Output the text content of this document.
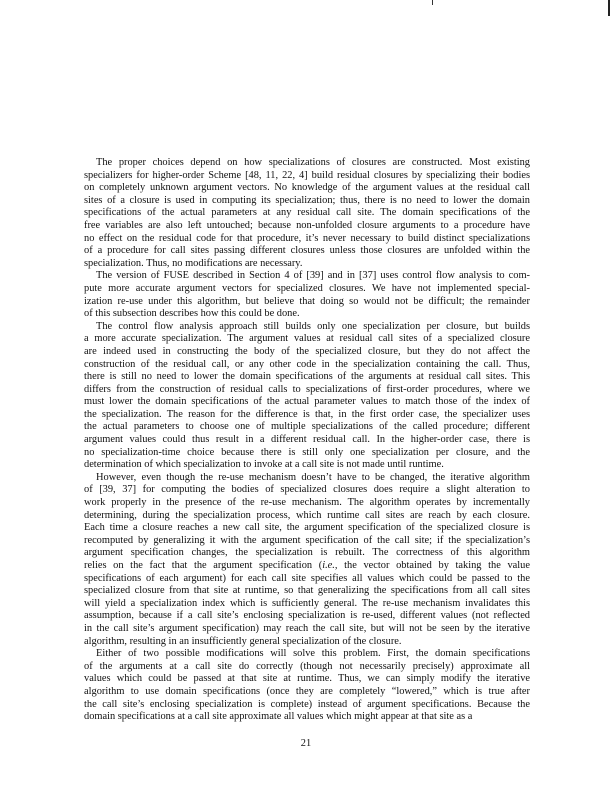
The proper choices depend on how specializations of closures are constructed. Most existing
specializers for higher-order Scheme [48, 11, 22, 4] build residual closures by specializing their bodies
on completely unknown argument vectors. No knowledge of the argument values at the residual call
sites of a closure is used in computing its specialization; thus, there is no need to lower the domain
specifications of the actual parameters at any residual call site. The domain specifications of the
free variables are also left untouched; because non-unfolded closure arguments to a procedure have
no effect on the residual code for that procedure, it’s never necessary to build distinct specializations
of a procedure for call sites passing different closures unless those closures are unfolded within the
specialization. Thus, no modifications are necessary.
The version of FUSE described in Section 4 of [39] and in [37] uses control flow analysis to com-
pute more accurate argument vectors for specialized closures. We have not implemented special-
ization re-use under this algorithm, but believe that doing so would not be difficult; the remainder
of this subsection describes how this could be done.
The control flow analysis approach still builds only one specialization per closure, but builds
a more accurate specialization. The argument values at residual call sites of a specialized closure
are indeed used in constructing the body of the specialized closure, but they do not affect the
construction of the residual call, or any other code in the specialization containing the call. Thus,
there is still no need to lower the domain specifications of the arguments at residual call sites. This
differs from the construction of residual calls to specializations of first-order procedures, where we
must lower the domain specifications of the actual parameter values to match those of the index of
the specialization. The reason for the difference is that, in the first order case, the specializer uses
the actual parameters to choose one of multiple specializations of the called procedure; different
argument values could thus result in a different residual call. In the higher-order case, there is
no specialization-time choice because there is still only one specialization per closure, and the
determination of which specialization to invoke at a call site is not made until runtime.
However, even though the re-use mechanism doesn’t have to be changed, the iterative algorithm
of [39, 37] for computing the bodies of specialized closures does require a slight alteration to
work properly in the presence of the re-use mechanism. The algorithm operates by incrementally
determining, during the specialization process, which runtime call sites are reach by each closure.
Each time a closure reaches a new call site, the argument specification of the specialized closure is
recomputed by generalizing it with the argument specification of the call site; if the specialization’s
argument specification changes, the specialization is rebuilt. The correctness of this algorithm
relies on the fact that the argument specification (i.e., the vector obtained by taking the value
specifications of each argument) for each call site specifies all values which could be passed to the
specialized closure from that site at runtime, so that generalizing the specifications from all call sites
will yield a specialization index which is sufficiently general. The re-use mechanism invalidates this
assumption, because if a call site’s enclosing specialization is re-used, different values (not reflected
in the call site’s argument specification) may reach the call site, but will not be seen by the iterative
algorithm, resulting in an insufficiently general specialization of the closure.
Either of two possible modifications will solve this problem. First, the domain specifications
of the arguments at a call site do correctly (though not necessarily precisely) approximate all
values which could be passed at that site at runtime. Thus, we can simply modify the iterative
algorithm to use domain specifications (once they are completely “lowered,” which is true after
the call site’s enclosing specialization is complete) instead of argument specifications. Because the
domain specifications at a call site approximate all values which might appear at that site as a
21
